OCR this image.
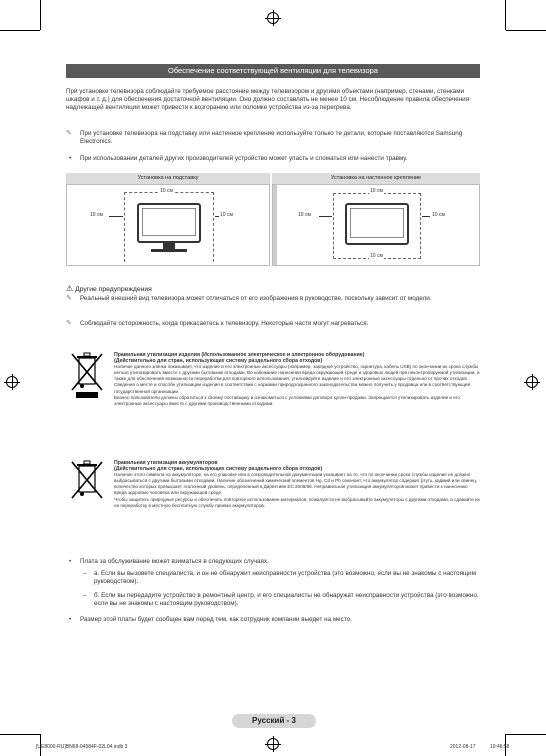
Обеспечение соответствующей вентиляции для телевизора
При установке телевизора соблюдайте требуемое расстояние между телевизором и другими объектами (например, стенами, стенками шкафов и т. д.) для обеспечения достаточной вентиляции. Оно должно составлять не менее 10 см. Несоблюдение правила обеспечения надлежащей вентиляции может привести к возгоранию или поломке устройства из-за перегрева.
✎ При установке телевизора на подставку или настенное крепление используйте только те детали, которые поставляются Samsung Electronics.
• При использовании деталей других производителей устройство может упасть и сломаться или нанести травму.
Установка на подставку	Установка на настенное крепление
10 см
10 см	10 см
10 см
10 см	10 см
10 см
⚠ Другие предупреждения
✎ Реальный внешний вид телевизора может отличаться от его изображения в руководстве, поскольку зависит от модели.
✎ Соблюдайте осторожность, когда прикасаетесь к телевизору. Некоторые части могут нагреваться.
Правильная утилизация изделия (Использованное электрическое и электронное оборудование)
(Действительно для стран, использующих систему раздельного сбора отходов)
Наличие данного значка показывает, что изделие и его электронные аксессуары (например, зарядное устройство, гарнитура, кабель USB) по окончании их срока службы нельзя утилизировать вместе с другими бытовыми отходами. Во избежание нанесения вреда окружающей среде и здоровью людей при неконтролируемой утилизации, а также для обеспечения возможности переработки для повторного использования, утилизируйте изделие и его электронные аксессуары отдельно от прочих отходов.
Сведения о месте и способе утилизации изделия в соответствии с нормами природоохранного законодательства можно получить у продавца или в соответствующей государственной организации.
Бизнес-пользователи должны обратиться к своему поставщику и ознакомиться с условиями договора купли-продажи. Запрещается утилизировать изделие и его электронные аксессуары вместе с другими производственными отходами.
Правильная утилизация аккумуляторов
(Действительно для стран, использующих систему раздельного сбора отходов)
Наличие этого символа на аккумуляторе, на его упаковке или в сопроводительной документации указывает на то, что по окончании срока службы изделие не должно выбрасываться с другими бытовыми отходами. Наличие обозначений химический элементов Hg, Cd и Pb означает, что аккумулятор содержит ртуть, кадмий или свинец, количество которых превышает эталонный уровень, определенный в Директиве ЕС 2006/66. Неправильная утилизация аккумуляторов может привести к нанесению вреда здоровью человека или окружающей среде.
Чтобы защитить природные ресурсы и обеспечить повторное использование материалов, пожалуйста не выбрасывайте аккумуляторы с другими отходами, а сдавайте их на переработку в местную бесплатную службу приема аккумуляторов.
• Плата за обслуживание может взиматься в следующих случаях.
– a. Если вы вызовете специалиста, и он не обнаружит неисправности устройства (это возможно, если вы не знакомы с настоящим руководством).
– б. Если вы передадите устройство в ремонтный центр, и его специалисты не обнаружат неисправности устройства (это возможно, если вы не знакомы с настоящим руководством).
• Размер этой платы будет сообщен вам перед тем, как сотрудник компании выедет на место.
Русский - 3
[UE8000-RU]BN68-04584F-02L04.indb 3	2012-08-17	10:46:58
